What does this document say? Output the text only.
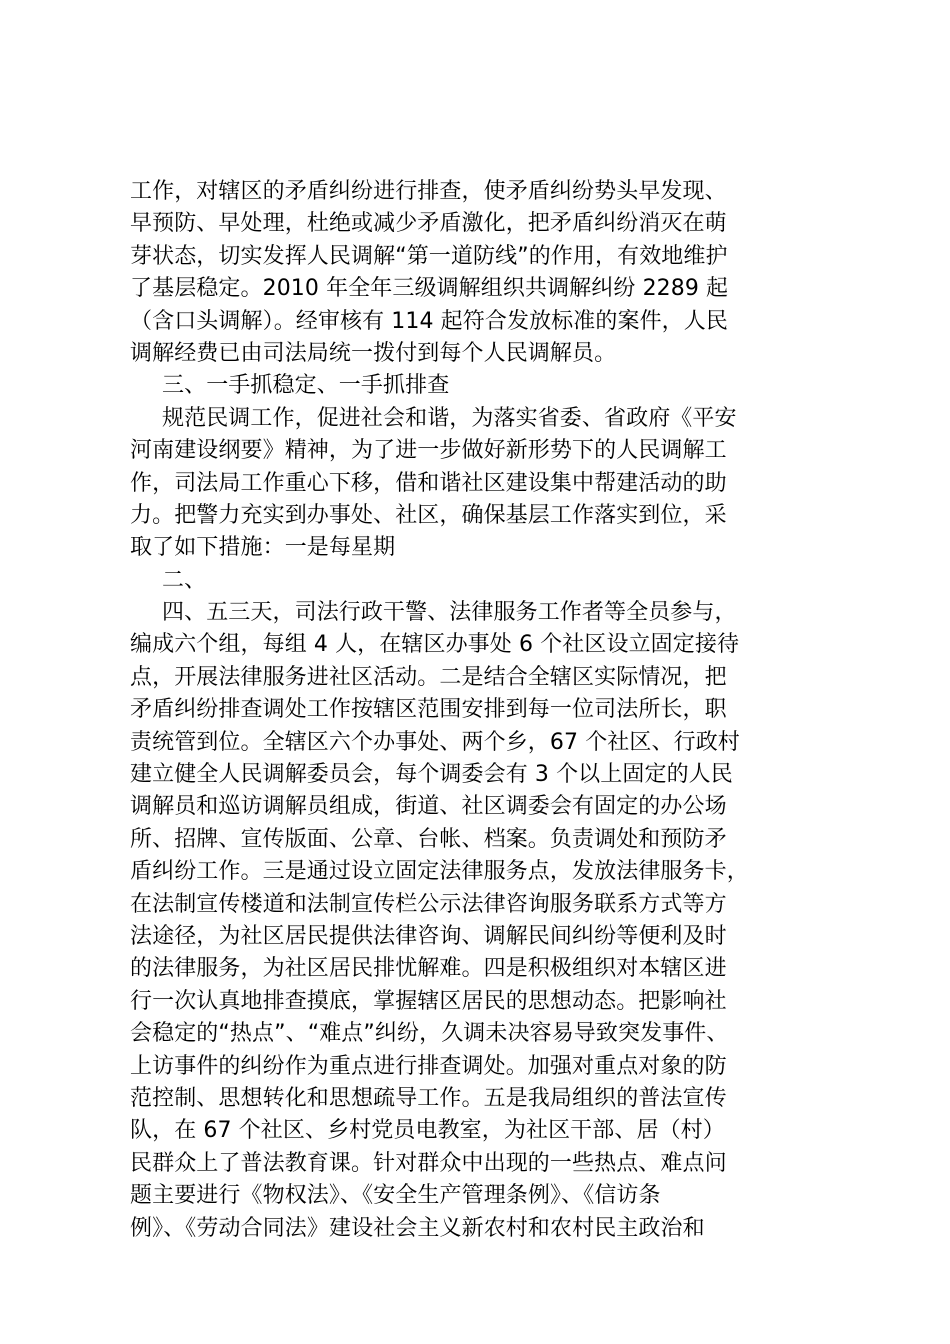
工作，对辖区的矛盾纠纷进行排查，使矛盾纠纷势头早发现、
早预防、早处理，杜绝或减少矛盾激化，把矛盾纠纷消灭在萌
芽状态，切实发挥人民调解“第一道防线”的作用，有效地维护
了基层稳定。2010 年全年三级调解组织共调解纠纷 2289 起
（含口头调解）。经审核有 114 起符合发放标准的案件，人民
调解经费已由司法局统一拨付到每个人民调解员。
三、一手抓稳定、一手抓排查
规范民调工作，促进社会和谐，为落实省委、省政府《平安
河南建设纲要》精神，为了进一步做好新形势下的人民调解工
作，司法局工作重心下移，借和谐社区建设集中帮建活动的助
力。把警力充实到办事处、社区，确保基层工作落实到位，采
取了如下措施：一是每星期
二、
四、五三天，司法行政干警、法律服务工作者等全员参与，
编成六个组，每组 4 人，在辖区办事处 6 个社区设立固定接待
点，开展法律服务进社区活动。二是结合全辖区实际情况，把
矛盾纠纷排查调处工作按辖区范围安排到每一位司法所长，职
责统管到位。全辖区六个办事处、两个乡，67 个社区、行政村
建立健全人民调解委员会，每个调委会有 3 个以上固定的人民
调解员和巡访调解员组成，街道、社区调委会有固定的办公场
所、招牌、宣传版面、公章、台帐、档案。负责调处和预防矛
盾纠纷工作。三是通过设立固定法律服务点，发放法律服务卡，
在法制宣传楼道和法制宣传栏公示法律咨询服务联系方式等方
法途径，为社区居民提供法律咨询、调解民间纠纷等便利及时
的法律服务，为社区居民排忧解难。四是积极组织对本辖区进
行一次认真地排查摸底，掌握辖区居民的思想动态。把影响社
会稳定的“热点”、“难点”纠纷，久调未决容易导致突发事件、
上访事件的纠纷作为重点进行排查调处。加强对重点对象的防
范控制、思想转化和思想疏导工作。五是我局组织的普法宣传
队，在 67 个社区、乡村党员电教室，为社区干部、居（村）
民群众上了普法教育课。针对群众中出现的一些热点、难点问
题主要进行《物权法》、《安全生产管理条例》、《信访条
例》、《劳动合同法》建设社会主义新农村和农村民主政治和
